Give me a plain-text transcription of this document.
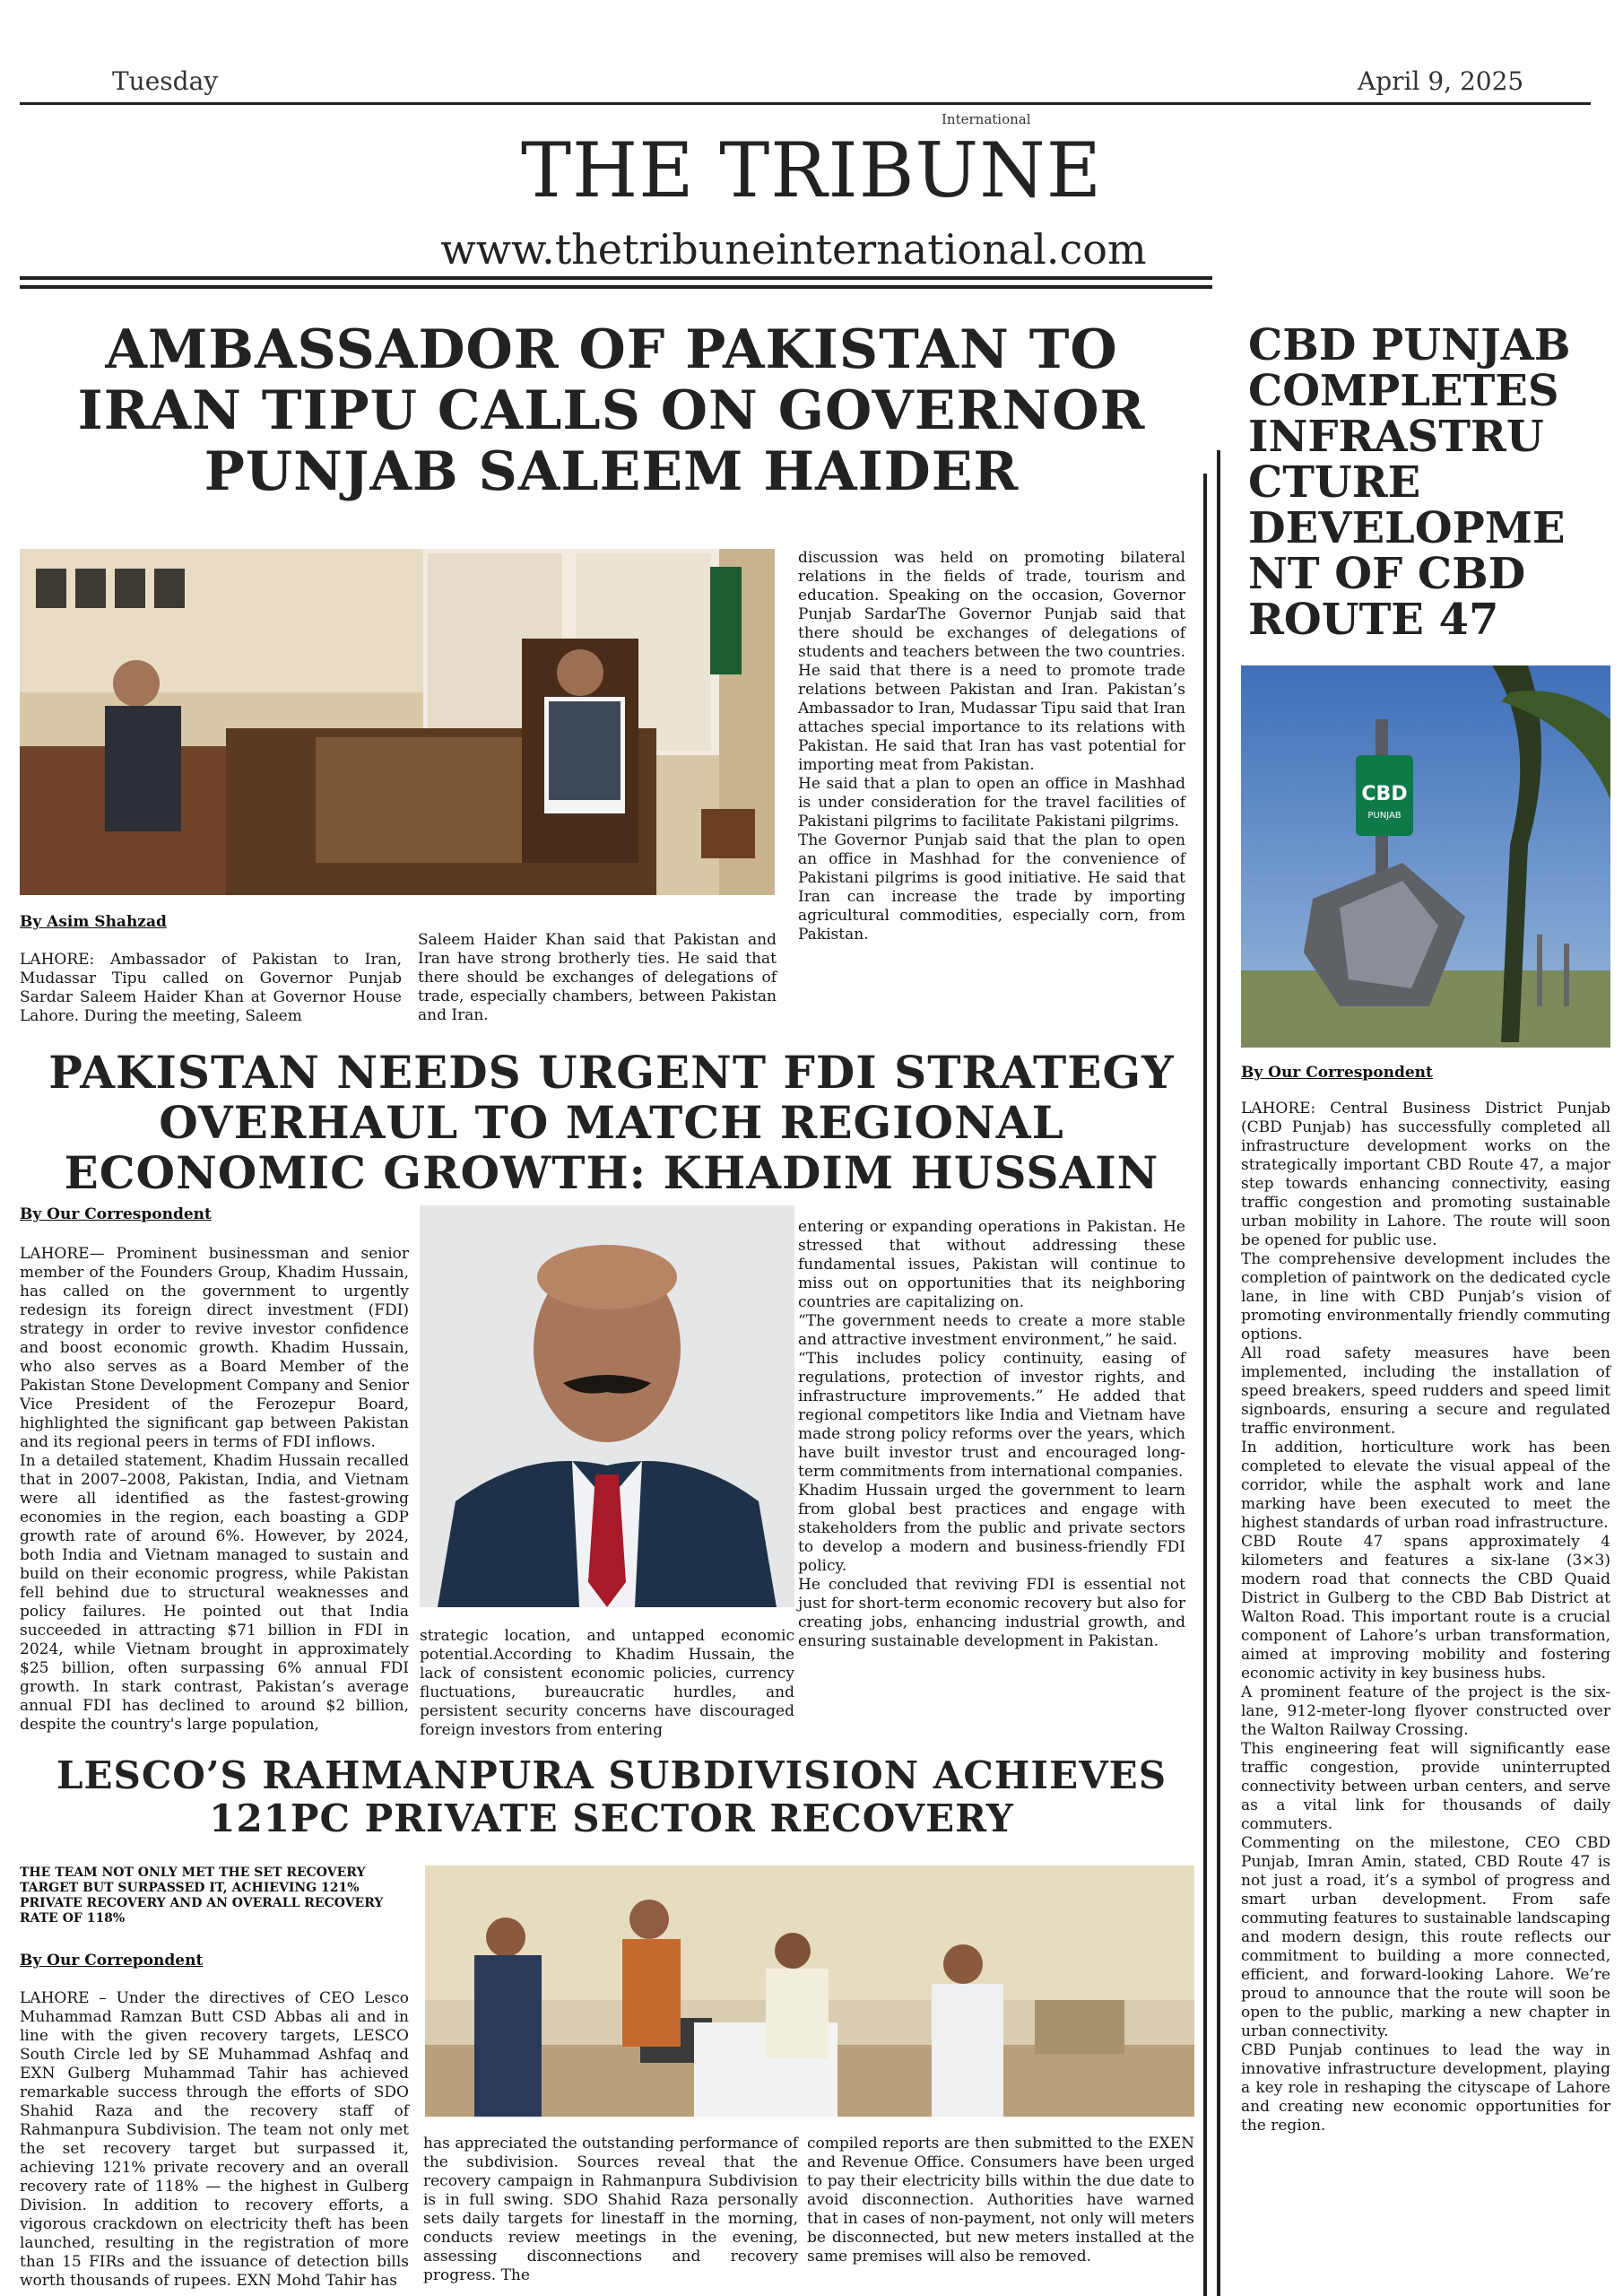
Tuesday	April 9, 2025
International
THE TRIBUNE
www.thetribuneinternational.com
AMBASSADOR OF PAKISTAN TO IRAN TIPU CALLS ON GOVERNOR PUNJAB SALEEM HAIDER
By Asim Shahzad
LAHORE: Ambassador of Pakistan to Iran, Mudassar Tipu called on Governor Punjab Sardar Saleem Haider Khan at Governor House Lahore. During the meeting, Saleem
Saleem Haider Khan said that Pakistan and Iran have strong brotherly ties. He said that there should be exchanges of delegations of trade, especially chambers, between Pakistan and Iran.

discussion was held on promoting bilateral relations in the fields of trade, tourism and education. Speaking on the occasion, Governor Punjab SardarThe Governor Punjab said that there should be exchanges of delegations of students and teachers between the two countries. He said that there is a need to promote trade relations between Pakistan and Iran. Pakistan’s Ambassador to Iran, Mudassar Tipu said that Iran attaches special importance to its relations with Pakistan. He said that Iran has vast potential for importing meat from Pakistan.

He said that a plan to open an office in Mashhad is under consideration for the travel facilities of Pakistani pilgrims to facilitate Pakistani pilgrims.

The Governor Punjab said that the plan to open an office in Mashhad for the convenience of Pakistani pilgrims is good initiative. He said that Iran can increase the trade by importing agricultural commodities, especially corn, from Pakistan.

PAKISTAN NEEDS URGENT FDI STRATEGY OVERHAUL TO MATCH REGIONAL ECONOMIC GROWTH: KHADIM HUSSAIN
By Our Correspondent

LAHORE— Prominent businessman and senior member of the Founders Group, Khadim Hussain, has called on the government to urgently redesign its foreign direct investment (FDI) strategy in order to revive investor confidence and boost economic growth. Khadim Hussain, who also serves as a Board Member of the Pakistan Stone Development Company and Senior Vice President of the Ferozepur Board, highlighted the significant gap between Pakistan and its regional peers in terms of FDI inflows.

In a detailed statement, Khadim Hussain recalled that in 2007–2008, Pakistan, India, and Vietnam were all identified as the fastest-growing economies in the region, each boasting a GDP growth rate of around 6%. However, by 2024, both India and Vietnam managed to sustain and build on their economic progress, while Pakistan fell behind due to structural weaknesses and policy failures. He pointed out that India succeeded in attracting $71 billion in FDI in 2024, while Vietnam brought in approximately $25 billion, often surpassing 6% annual FDI growth. In stark contrast, Pakistan’s average annual FDI has declined to around $2 billion, despite the country's large population,

strategic location, and untapped economic potential.According to Khadim Hussain, the lack of consistent economic policies, currency fluctuations, bureaucratic hurdles, and persistent security concerns have discouraged foreign investors from entering

entering or expanding operations in Pakistan. He stressed that without addressing these fundamental issues, Pakistan will continue to miss out on opportunities that its neighboring countries are capitalizing on.

“The government needs to create a more stable and attractive investment environment,” he said.

“This includes policy continuity, easing of regulations, protection of investor rights, and infrastructure improvements.” He added that regional competitors like India and Vietnam have made strong policy reforms over the years, which have built investor trust and encouraged long-term commitments from international companies.

Khadim Hussain urged the government to learn from global best practices and engage with stakeholders from the public and private sectors to develop a modern and business-friendly FDI policy.

He concluded that reviving FDI is essential not just for short-term economic recovery but also for creating jobs, enhancing industrial growth, and ensuring sustainable development in Pakistan.

LESCO’S RAHMANPURA SUBDIVISION ACHIEVES 121PC PRIVATE SECTOR RECOVERY
THE TEAM NOT ONLY MET THE SET RECOVERY TARGET BUT SURPASSED IT, ACHIEVING 121% PRIVATE RECOVERY AND AN OVERALL RECOVERY RATE OF 118%
By Our Correpondent
LAHORE – Under the directives of CEO Lesco Muhammad Ramzan Butt CSD Abbas ali and in line with the given recovery targets, LESCO South Circle led by SE Muhammad Ashfaq and EXN Gulberg Muhammad Tahir has achieved remarkable success through the efforts of SDO Shahid Raza and the recovery staff of Rahmanpura Subdivision. The team not only met the set recovery target but surpassed it, achieving 121% private recovery and an overall recovery rate of 118% — the highest in Gulberg Division. In addition to recovery efforts, a vigorous crackdown on electricity theft has been launched, resulting in the registration of more than 15 FIRs and the issuance of detection bills worth thousands of rupees. EXN Mohd Tahir has
has appreciated the outstanding performance of the subdivision. Sources reveal that the recovery campaign in Rahmanpura Subdivision is in full swing. SDO Shahid Raza personally sets daily targets for linestaff in the morning, conducts review meetings in the evening, assessing disconnections and recovery progress. The
compiled reports are then submitted to the EXEN and Revenue Office. Consumers have been urged to pay their electricity bills within the due date to avoid disconnection. Authorities have warned that in cases of non-payment, not only will meters be disconnected, but new meters installed at the same premises will also be removed.
CBD PUNJAB COMPLETES INFRASTRU CTURE DEVELOPME NT OF CBD ROUTE 47
CBD
PUNJAB
By Our Correspondent

LAHORE: Central Business District Punjab (CBD Punjab) has successfully completed all infrastructure development works on the strategically important CBD Route 47, a major step towards enhancing connectivity, easing traffic congestion and promoting sustainable urban mobility in Lahore. The route will soon be opened for public use.

The comprehensive development includes the completion of paintwork on the dedicated cycle lane, in line with CBD Punjab’s vision of promoting environmentally friendly commuting options.

All road safety measures have been implemented, including the installation of speed breakers, speed rudders and speed limit signboards, ensuring a secure and regulated traffic environment.

In addition, horticulture work has been completed to elevate the visual appeal of the corridor, while the asphalt work and lane marking have been executed to meet the highest standards of urban road infrastructure.

CBD Route 47 spans approximately 4 kilometers and features a six-lane (3×3) modern road that connects the CBD Quaid District in Gulberg to the CBD Bab District at Walton Road. This important route is a crucial component of Lahore’s urban transformation, aimed at improving mobility and fostering economic activity in key business hubs.

A prominent feature of the project is the six-lane, 912-meter-long flyover constructed over the Walton Railway Crossing.

This engineering feat will significantly ease traffic congestion, provide uninterrupted connectivity between urban centers, and serve as a vital link for thousands of daily commuters.

Commenting on the milestone, CEO CBD Punjab, Imran Amin, stated, CBD Route 47 is not just a road, it’s a symbol of progress and smart urban development. From safe commuting features to sustainable landscaping and modern design, this route reflects our commitment to building a more connected, efficient, and forward-looking Lahore. We’re proud to announce that the route will soon be open to the public, marking a new chapter in urban connectivity.

CBD Punjab continues to lead the way in innovative infrastructure development, playing a key role in reshaping the cityscape of Lahore and creating new economic opportunities for the region.
